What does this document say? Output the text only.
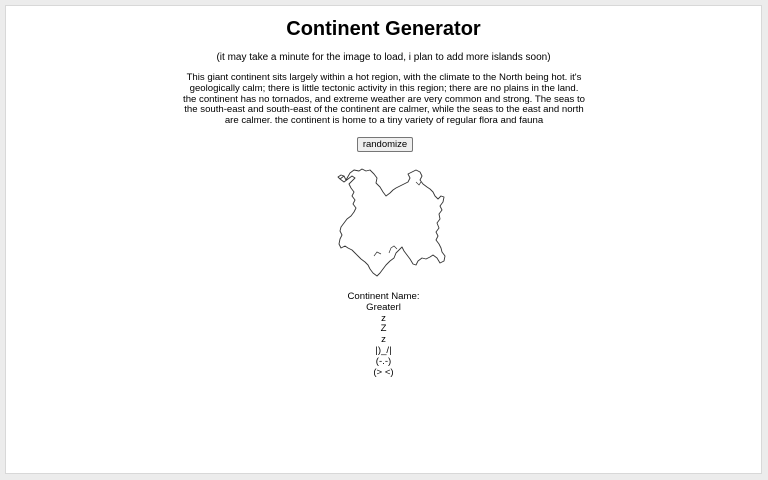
Continent Generator
(it may take a minute for the image to load, i plan to add more islands soon)
This giant continent sits largely within a hot region, with the climate to the North being hot. it's geologically calm; there is little tectonic activity in this region; there are no plains in the land. the continent has no tornados, and extreme weather are very common and strong. The seas to the south-east and south-east of the continent are calmer, while the seas to the east and north are calmer. the continent is home to a tiny variety of regular flora and fauna
randomize
Continent Name:
Greaterl
z
Z
z
|)_/|
(-.-)
(> <)
